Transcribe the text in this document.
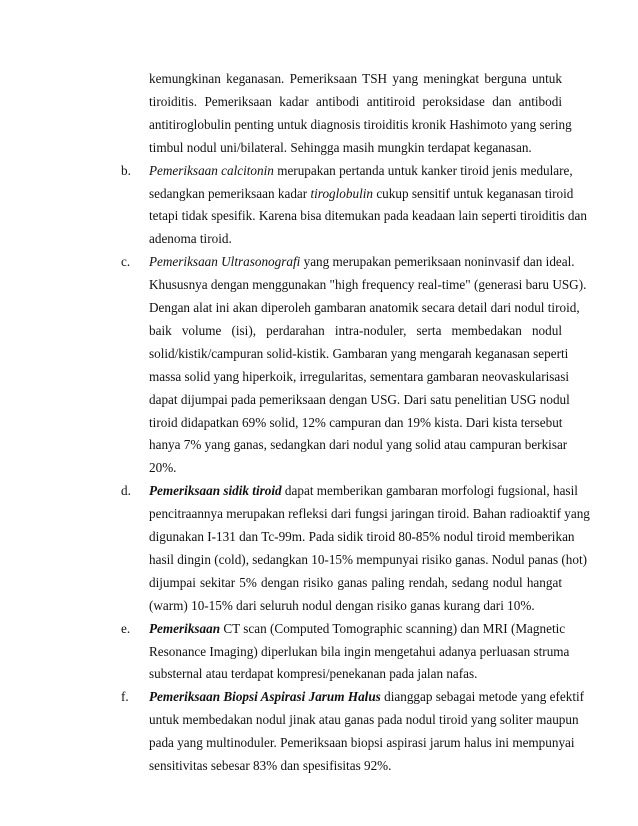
kemungkinan keganasan. Pemeriksaan TSH yang meningkat berguna untuk
tiroiditis. Pemeriksaan kadar antibodi antitiroid peroksidase dan antibodi
antitiroglobulin penting untuk diagnosis tiroiditis kronik Hashimoto yang sering
timbul nodul uni/bilateral. Sehingga masih mungkin terdapat keganasan.
b. Pemeriksaan calcitonin merupakan pertanda untuk kanker tiroid jenis medulare,
sedangkan pemeriksaan kadar tiroglobulin cukup sensitif untuk keganasan tiroid
tetapi tidak spesifik. Karena bisa ditemukan pada keadaan lain seperti tiroiditis dan
adenoma tiroid.
c. Pemeriksaan Ultrasonografi yang merupakan pemeriksaan noninvasif dan ideal.
Khususnya dengan menggunakan "high frequency real-time" (generasi baru USG).
Dengan alat ini akan diperoleh gambaran anatomik secara detail dari nodul tiroid,
baik volume (isi), perdarahan intra-noduler, serta membedakan nodul
solid/kistik/campuran solid-kistik. Gambaran yang mengarah keganasan seperti
massa solid yang hiperkoik, irregularitas, sementara gambaran neovaskularisasi
dapat dijumpai pada pemeriksaan dengan USG. Dari satu penelitian USG nodul
tiroid didapatkan 69% solid, 12% campuran dan 19% kista. Dari kista tersebut
hanya 7% yang ganas, sedangkan dari nodul yang solid atau campuran berkisar
20%.
d. Pemeriksaan sidik tiroid dapat memberikan gambaran morfologi fugsional, hasil
pencitraannya merupakan refleksi dari fungsi jaringan tiroid. Bahan radioaktif yang
digunakan I-131 dan Tc-99m. Pada sidik tiroid 80-85% nodul tiroid memberikan
hasil dingin (cold), sedangkan 10-15% mempunyai risiko ganas. Nodul panas (hot)
dijumpai sekitar 5% dengan risiko ganas paling rendah, sedang nodul hangat
(warm) 10-15% dari seluruh nodul dengan risiko ganas kurang dari 10%.
e. Pemeriksaan CT scan (Computed Tomographic scanning) dan MRI (Magnetic
Resonance Imaging) diperlukan bila ingin mengetahui adanya perluasan struma
substernal atau terdapat kompresi/penekanan pada jalan nafas.
f. Pemeriksaan Biopsi Aspirasi Jarum Halus dianggap sebagai metode yang efektif
untuk membedakan nodul jinak atau ganas pada nodul tiroid yang soliter maupun
pada yang multinoduler. Pemeriksaan biopsi aspirasi jarum halus ini mempunyai
sensitivitas sebesar 83% dan spesifisitas 92%.
